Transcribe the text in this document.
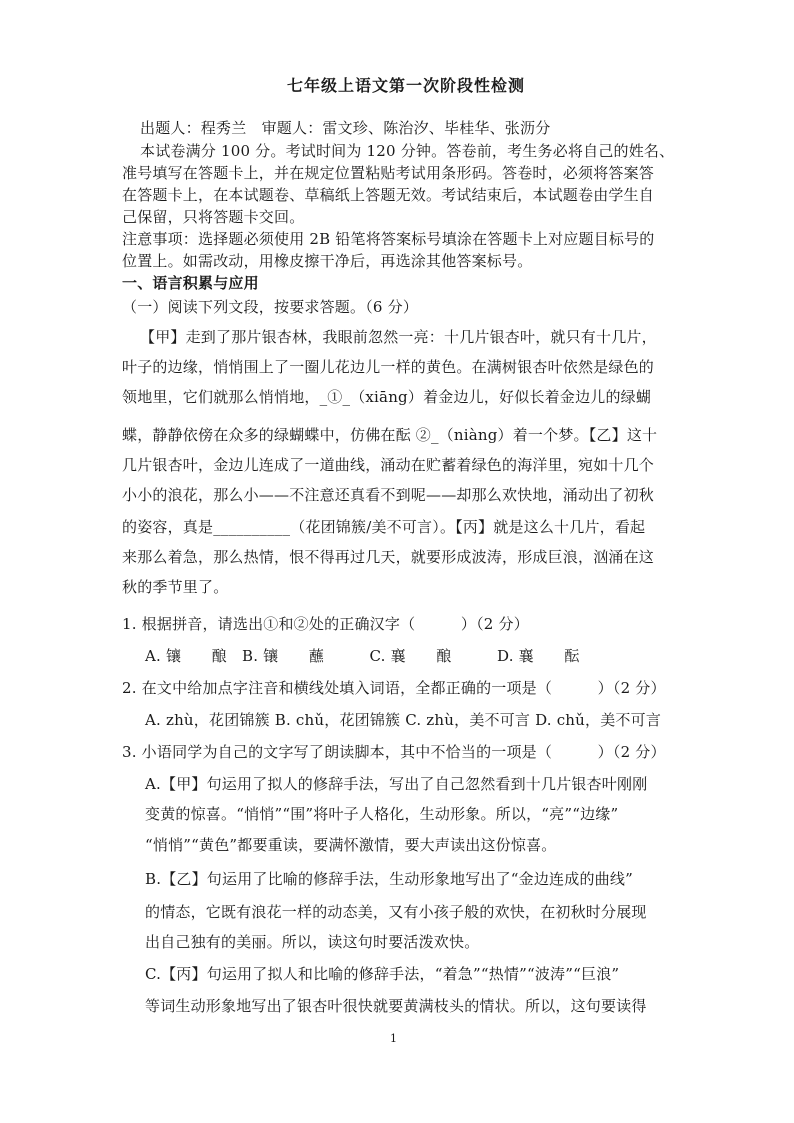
七年级上语文第一次阶段性检测
出题人：程秀兰　审题人：雷文珍、陈治汐、毕桂华、张沥分
本试卷满分 100 分。考试时间为 120 分钟。答卷前，考生务必将自己的姓名、
准号填写在答题卡上，并在规定位置粘贴考试用条形码。答卷时，必须将答案答
在答题卡上，在本试题卷、草稿纸上答题无效。考试结束后，本试题卷由学生自
己保留，只将答题卡交回。
注意事项：选择题必须使用 2B 铅笔将答案标号填涂在答题卡上对应题目标号的
位置上。如需改动，用橡皮擦干净后，再选涂其他答案标号。
一、语言积累与应用
（一）阅读下列文段，按要求答题。（6 分）
【甲】走到了那片银杏林，我眼前忽然一亮：十几片银杏叶，就只有十几片，
叶子的边缘，悄悄围上了一圈儿花边儿一样的黄色。在满树银杏叶依然是绿色的
领地里，它们就那么悄悄地，_①_（xiāng）着金边儿，好似长着金边儿的绿蝴
蝶，静静依傍在众多的绿蝴蝶中，仿佛在酝 ②_（niàng）着一个梦。【乙】这十
几片银杏叶，金边儿连成了一道曲线，涌动在贮蓄着绿色的海洋里，宛如十几个
小小的浪花，那么小——不注意还真看不到呢——却那么欢快地，涌动出了初秋
的姿容，真是__________（花团锦簇/美不可言）。【丙】就是这么十几片，看起
来那么着急，那么热情，恨不得再过几天，就要形成波涛，形成巨浪，汹涌在这
秋的季节里了。
1. 根据拼音，请选出①和②处的正确汉字（　　　）（2 分）
A. 镶　　酿　B. 镶　　蘸　　　C. 襄　　酿　　　D. 襄　　酝
2. 在文中给加点字注音和横线处填入词语，全都正确的一项是（　　　）（2 分）
A. zhù，花团锦簇 B. chǔ，花团锦簇 C. zhù，美不可言 D. chǔ，美不可言
3. 小语同学为自己的文字写了朗读脚本，其中不恰当的一项是（　　　）（2 分）
A.【甲】句运用了拟人的修辞手法，写出了自己忽然看到十几片银杏叶刚刚
变黄的惊喜。“悄悄”“围”将叶子人格化，生动形象。所以，“亮”“边缘”
“悄悄”“黄色”都要重读，要满怀激情，要大声读出这份惊喜。
B.【乙】句运用了比喻的修辞手法，生动形象地写出了“金边连成的曲线”
的情态，它既有浪花一样的动态美，又有小孩子般的欢快，在初秋时分展现
出自己独有的美丽。所以，读这句时要活泼欢快。
C.【丙】句运用了拟人和比喻的修辞手法，“着急”“热情”“波涛”“巨浪”
等词生动形象地写出了银杏叶很快就要黄满枝头的情状。所以，这句要读得
1
